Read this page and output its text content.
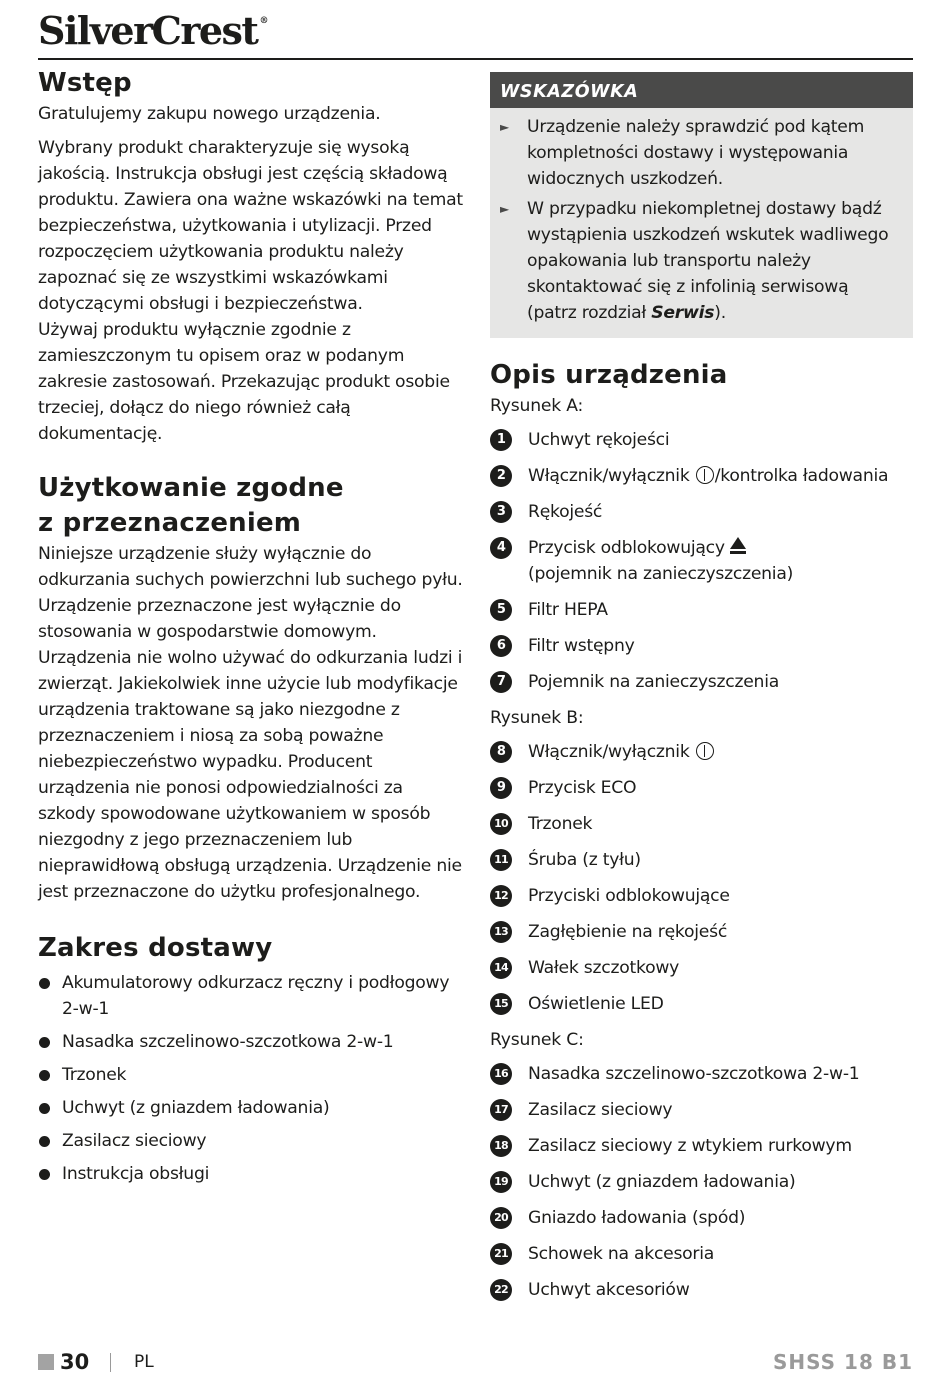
SilverCrest ®
Wstęp

Gratulujemy zakupu nowego urządzenia.

Wybrany produkt charakteryzuje się wysoką jakością. Instrukcja obsługi jest częścią składową produktu. Zawiera ona ważne wskazówki na temat bezpieczeństwa, użytkowania i utylizacji. Przed rozpoczęciem użytkowania produktu należy zapoznać się ze wszystkimi wskazówkami dotyczącymi obsługi i bezpieczeństwa.

Używaj produktu wyłącznie zgodnie z zamieszczonym tu opisem oraz w podanym zakresie zastosowań. Przekazując produkt osobie trzeciej, dołącz do niego również całą dokumentację.

Użytkowanie zgodne
z przeznaczeniem

Niniejsze urządzenie służy wyłącznie do odkurzania suchych powierzchni lub suchego pyłu. Urządzenie przeznaczone jest wyłącznie do stosowania w gospodarstwie domowym. Urządzenia nie wolno używać do odkurzania ludzi i zwierząt. Jakiekolwiek inne użycie lub modyfikacje urządzenia traktowane są jako niezgodne z przeznaczeniem i niosą za sobą poważne niebezpieczeństwo wypadku. Producent urządzenia nie ponosi odpowiedzialności za szkody spowodowane użytkowaniem w sposób niezgodny z jego przeznaczeniem lub nieprawidłową obsługą urządzenia. Urządzenie nie jest przeznaczone do użytku profesjonalnego.

Zakres dostawy
Akumulatorowy odkurzacz ręczny i podłogowy 2-w-1
Nasadka szczelinowo-szczotkowa 2-w-1
Trzonek
Uchwyt (z gniazdem ładowania)
Zasilacz sieciowy
Instrukcja obsługi
WSKAZÓWKA
► Urządzenie należy sprawdzić pod kątem kompletności dostawy i występowania widocznych uszkodzeń.
► W przypadku niekompletnej dostawy bądź wystąpienia uszkodzeń wskutek wadliwego opakowania lub transportu należy skontaktować się z infolinią serwisową (patrz rozdział Serwis).
Opis urządzenia

Rysunek A:

1	Uchwyt rękojeści
2	Włącznik/wyłącznik /kontrolka ładowania
3	Rękojeść
4	Przycisk odblokowujący
(pojemnik na zanieczyszczenia)
5	Filtr HEPA
6	Filtr wstępny
7	Pojemnik na zanieczyszczenia

Rysunek B:

8	Włącznik/wyłącznik
9	Przycisk ECO
10 Trzonek
11 Śruba (z tyłu)
12 Przyciski odblokowujące
13 Zagłębienie na rękojeść
14 Wałek szczotkowy
15 Oświetlenie LED

Rysunek C:

16 Nasadka szczelinowo-szczotkowa 2-w-1
17 Zasilacz sieciowy
18 Zasilacz sieciowy z wtykiem rurkowym
19 Uchwyt (z gniazdem ładowania)
20 Gniazdo ładowania (spód)
21 Schowek na akcesoria
22 Uchwyt akcesoriów
30	PL	SHSS 18 B1
